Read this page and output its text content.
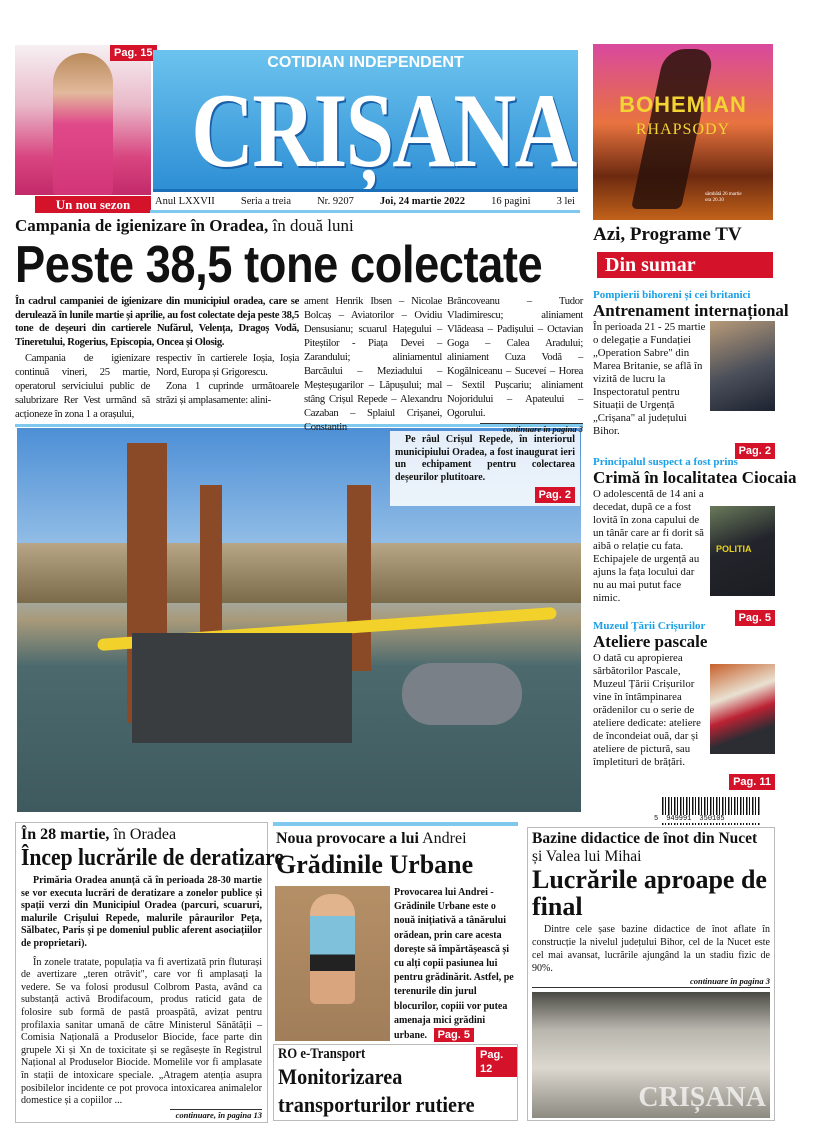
Pag. 15
Un nou sezon
COTIDIAN INDEPENDENT
CRIȘANA
Anul LXXVII Seria a treia Nr. 9207 Joi, 24 martie 2022 16 pagini 3 lei
BOHEMIAN
RHAPSODY
sâmbătă 26 martie ora 20.30
Azi, Programe TV
Din sumar
Campania de igienizare în Oradea, în două luni
Peste 38,5 tone colectate
În cadrul campaniei de igienizare din municipiul oradea, care se derulează în lunile martie și aprilie, au fost colectate deja peste 38,5 tone de deșeuri din cartierele Nufărul, Velența, Dragoș Vodă, Tineretului, Rogerius, Episcopia, Oncea și Olosig.
Campania de igienizare continuă vineri, 25 martie, operatorul serviciului public de salubrizare Rer Vest urmând să acționeze în zona 1 a orașului,
respectiv în cartierele Ioșia, Ioșia Nord, Europa și Grigorescu.
Zona 1 cuprinde următoarele străzi și amplasamente: alini-
ament Henrik Ibsen – Nicolae Bolcaș – Aviatorilor – Ovidiu Densusianu; scuarul Hațegului – Piteștilor - Piața Devei – Zarandului; aliniamentul Barcăului – Meziadului – Meșteșugarilor – Lăpușului; mal stâng Crișul Repede – Alexandru Cazaban – Splaiul Crișanei, Constantin
Brâncoveanu – Tudor Vladimirescu; aliniament Vlădeasa – Padișului – Octavian Goga – Calea Aradului; aliniament Cuza Vodă – Kogălniceanu – Suceveí – Horea – Sextil Pușcariu; aliniament Nojoridului – Apateului – Ogorului.
continuare în pagina 3
Pe râul Crișul Repede, în interiorul municipiului Oradea, a fost inaugurat ieri un echipament pentru colectarea deșeurilor plutitoare.
Pag. 2
Pompierii bihoreni și cei britanici
Antrenament internațional
În perioada 21 - 25 martie o delegație a Fundației „Operation Sabre" din Marea Britanie, se află în vizită de lucru la Inspectoratul pentru Situații de Urgență „Crișana" al județului Bihor.
Pag. 2
Principalul suspect a fost prins
Crimă în localitatea Ciocaia
O adolescentă de 14 ani a decedat, după ce a fost lovită în zona capului de un tânăr care ar fi dorit să aibă o relație cu fata. Echipajele de urgență au ajuns la fața locului dar nu au mai putut face nimic.
POLITIA
Pag. 5
Muzeul Țării Crișurilor
Ateliere pascale
O dată cu apropierea sărbătorilor Pascale, Muzeul Țării Crișurilor vine în întâmpinarea orădenilor cu o serie de ateliere dedicate: ateliere de încondeiat ouă, dar și ateliere de pictură, sau împletituri de brățări.
Pag. 11
5 949991 350105
În 28 martie, în Oradea
Încep lucrările de deratizare
Primăria Oradea anunță că în perioada 28-30 martie se vor executa lucrări de deratizare a zonelor publice și spații verzi din Municipiul Oradea (parcuri, scuaruri, malurile Crișului Repede, malurile pâraurilor Peța, Sălbatec, Paris și pe domeniul public aferent asociațiilor de proprietari).
În zonele tratate, populația va fi avertizată prin fluturași de avertizare „teren otrăvit", care vor fi amplasați la vedere. Se va folosi produsul Colbrom Pasta, având ca substanță activă Brodifacoum, produs raticid gata de folosire sub formă de pastă proaspătă, avizat pentru profilaxia sanitar umană de către Ministerul Sănătății – Comisia Națională a Produselor Biocide, face parte din grupele Xi și Xn de toxicitate și se regăsește în Registrul Național al Produselor Biocide. Momelile vor fi amplasate în stații de intoxicare speciale. „Atragem atenția asupra posibilelor incidente ce pot provoca intoxicarea animalelor domestice și a copiilor ...
continuare, în pagina 13
Noua provocare a lui Andrei
Grădinile Urbane
Provocarea lui Andrei - Grădinile Urbane este o nouă inițiativă a tânărului orădean, prin care acesta dorește să împărtășească și cu alți copii pasiunea lui pentru grădinărit. Astfel, pe terenurile din jurul blocurilor, copiii vor putea amenaja mici grădini urbane. Pag. 5
RO e-Transport
Monitorizarea transporturilor rutiere
Pag. 12
Bazine didactice de înot din Nucet
și Valea lui Mihai
Lucrările aproape de final
Dintre cele șase bazine didactice de înot aflate în construcție la nivelul județului Bihor, cel de la Nucet este cel mai avansat, lucrările ajungând la un stadiu fizic de 90%.
continuare în pagina 3
CRIȘANA
